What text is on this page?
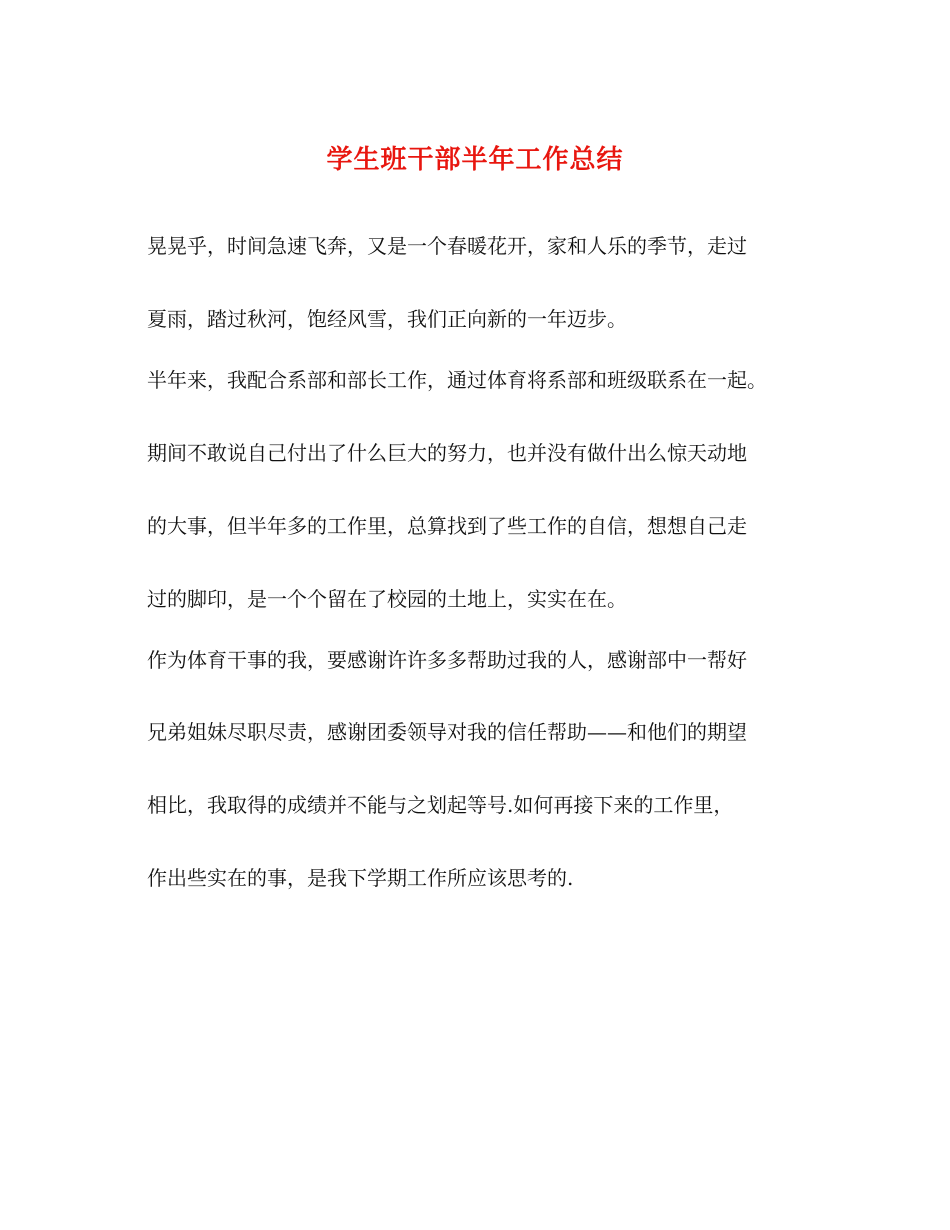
学生班干部半年工作总结
晃晃乎，时间急速飞奔，又是一个春暖花开，家和人乐的季节，走过
夏雨，踏过秋河，饱经风雪，我们正向新的一年迈步。
半年来，我配合系部和部长工作，通过体育将系部和班级联系在一起。
期间不敢说自己付出了什么巨大的努力，也并没有做什出么惊天动地
的大事，但半年多的工作里，总算找到了些工作的自信，想想自己走
过的脚印，是一个个留在了校园的土地上，实实在在。
作为体育干事的我，要感谢许许多多帮助过我的人，感谢部中一帮好
兄弟姐妹尽职尽责，感谢团委领导对我的信任帮助——和他们的期望
相比，我取得的成绩并不能与之划起等号.如何再接下来的工作里，
作出些实在的事，是我下学期工作所应该思考的.
